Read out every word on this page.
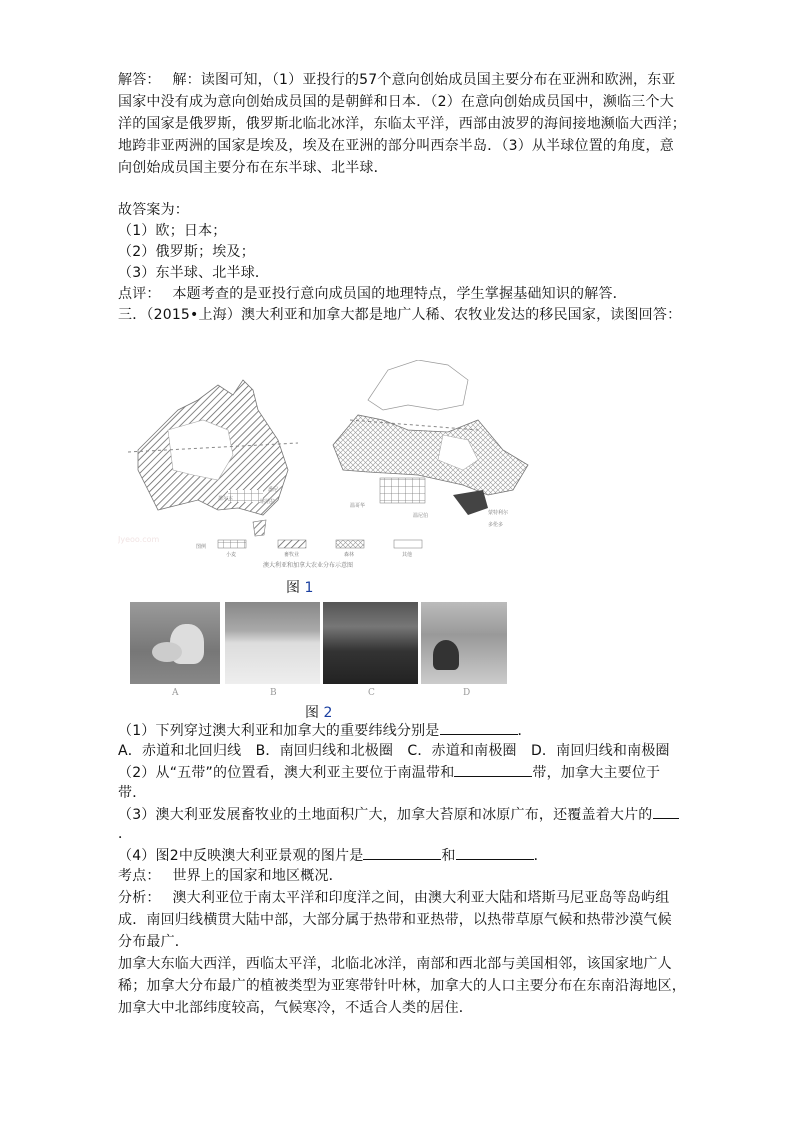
解答：　 解：读图可知，（1）亚投行的57个意向创始成员国主要分布在亚洲和欧洲，东亚
国家中没有成为意向创始成员国的是朝鲜和日本．（2）在意向创始成员国中，濒临三个大
洋的国家是俄罗斯，俄罗斯北临北冰洋，东临太平洋，西部由波罗的海间接地濒临大西洋；
地跨非亚两洲的国家是埃及，埃及在亚洲的部分叫西奈半岛．（3）从半球位置的角度，意
向创始成员国主要分布在东半球、北半球．
故答案为：
（1）欧；日本；
（2）俄罗斯；埃及；
（3）东半球、北半球．
点评：　 本题考查的是亚投行意向成员国的地理特点，学生掌握基础知识的解答．
三．（2015•上海）澳大利亚和加拿大都是地广人稀、农牧业发达的移民国家，读图回答：
悉尼
墨尔本	堪培拉
温哥华
温尼伯	蒙特利尔
多伦多
Jyeoo.com
图例
小麦	畜牧业	森林	其他
澳大利亚和加拿大农业分布示意图
图 1
A	B	C	D
图 2
（1）下列穿过澳大利亚和加拿大的重要纬线分别是	．
A．赤道和北回归线　B．南回归线和北极圈　C．赤道和南极圈　D．南回归线和南极圈
（2）从“五带”的位置看，澳大利亚主要位于南温带和	带，加拿大主要位于
带．
（3）澳大利亚发展畜牧业的土地面积广大，加拿大苔原和冰原广布，还覆盖着大片的
．
（4）图2中反映澳大利亚景观的图片是	和	．
考点：　 世界上的国家和地区概况．
分析：　 澳大利亚位于南太平洋和印度洋之间，由澳大利亚大陆和塔斯马尼亚岛等岛屿组
成．南回归线横贯大陆中部，大部分属于热带和亚热带，以热带草原气候和热带沙漠气候
分布最广．
加拿大东临大西洋，西临太平洋，北临北冰洋，南部和西北部与美国相邻，该国家地广人
稀；加拿大分布最广的植被类型为亚寒带针叶林，加拿大的人口主要分布在东南沿海地区，
加拿大中北部纬度较高，气候寒冷，不适合人类的居住．
